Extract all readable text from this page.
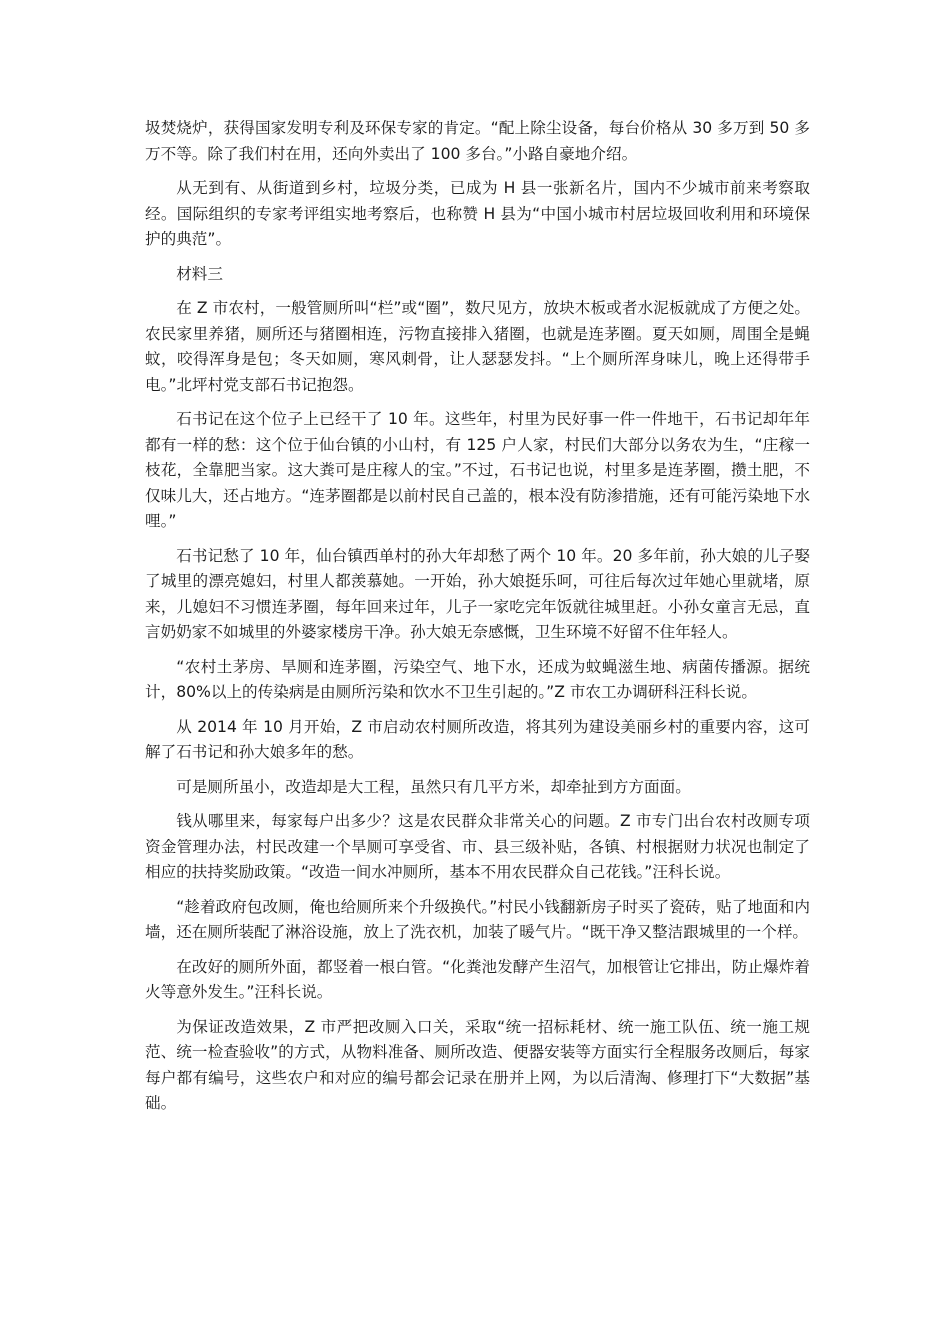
圾焚烧炉，获得国家发明专利及环保专家的肯定。“配上除尘设备，每台价格从 30 多万到 50 多万不等。除了我们村在用，还向外卖出了 100 多台。”小路自豪地介绍。

从无到有、从街道到乡村，垃圾分类，已成为 H 县一张新名片，国内不少城市前来考察取经。国际组织的专家考评组实地考察后，也称赞 H 县为“中国小城市村居垃圾回收利用和环境保护的典范”。

材料三

在 Z 市农村，一般管厕所叫“栏”或“圈”，数尺见方，放块木板或者水泥板就成了方便之处。农民家里养猪，厕所还与猪圈相连，污物直接排入猪圈，也就是连茅圈。夏天如厕，周围全是蝇蚊，咬得浑身是包；冬天如厕，寒风刺骨，让人瑟瑟发抖。“上个厕所浑身味儿，晚上还得带手电。”北坪村党支部石书记抱怨。

石书记在这个位子上已经干了 10 年。这些年，村里为民好事一件一件地干，石书记却年年都有一样的愁：这个位于仙台镇的小山村，有 125 户人家，村民们大部分以务农为生，“庄稼一枝花，全靠肥当家。这大粪可是庄稼人的宝。”不过，石书记也说，村里多是连茅圈，攒土肥，不仅味儿大，还占地方。“连茅圈都是以前村民自己盖的，根本没有防渗措施，还有可能污染地下水哩。”

石书记愁了 10 年，仙台镇西单村的孙大年却愁了两个 10 年。20 多年前，孙大娘的儿子娶了城里的漂亮媳妇，村里人都羡慕她。一开始，孙大娘挺乐呵，可往后每次过年她心里就堵，原来，儿媳妇不习惯连茅圈，每年回来过年，儿子一家吃完年饭就往城里赶。小孙女童言无忌，直言奶奶家不如城里的外婆家楼房干净。孙大娘无奈感慨，卫生环境不好留不住年轻人。

“农村土茅房、旱厕和连茅圈，污染空气、地下水，还成为蚊蝇滋生地、病菌传播源。据统计，80%以上的传染病是由厕所污染和饮水不卫生引起的。”Z 市农工办调研科汪科长说。

从 2014 年 10 月开始，Z 市启动农村厕所改造，将其列为建设美丽乡村的重要内容，这可解了石书记和孙大娘多年的愁。

可是厕所虽小，改造却是大工程，虽然只有几平方米，却牵扯到方方面面。

钱从哪里来，每家每户出多少？这是农民群众非常关心的问题。Z 市专门出台农村改厕专项资金管理办法，村民改建一个旱厕可享受省、市、县三级补贴，各镇、村根据财力状况也制定了相应的扶持奖励政策。“改造一间水冲厕所，基本不用农民群众自己花钱。”汪科长说。

“趁着政府包改厕，俺也给厕所来个升级换代。”村民小钱翻新房子时买了瓷砖，贴了地面和内墙，还在厕所装配了淋浴设施，放上了洗衣机，加装了暖气片。“既干净又整洁跟城里的一个样。

在改好的厕所外面，都竖着一根白管。“化粪池发酵产生沼气，加根管让它排出，防止爆炸着火等意外发生。”汪科长说。

为保证改造效果，Z 市严把改厕入口关，采取“统一招标耗材、统一施工队伍、统一施工规范、统一检查验收”的方式，从物料准备、厕所改造、便器安装等方面实行全程服务改厕后，每家每户都有编号，这些农户和对应的编号都会记录在册并上网，为以后清淘、修理打下“大数据”基础。
